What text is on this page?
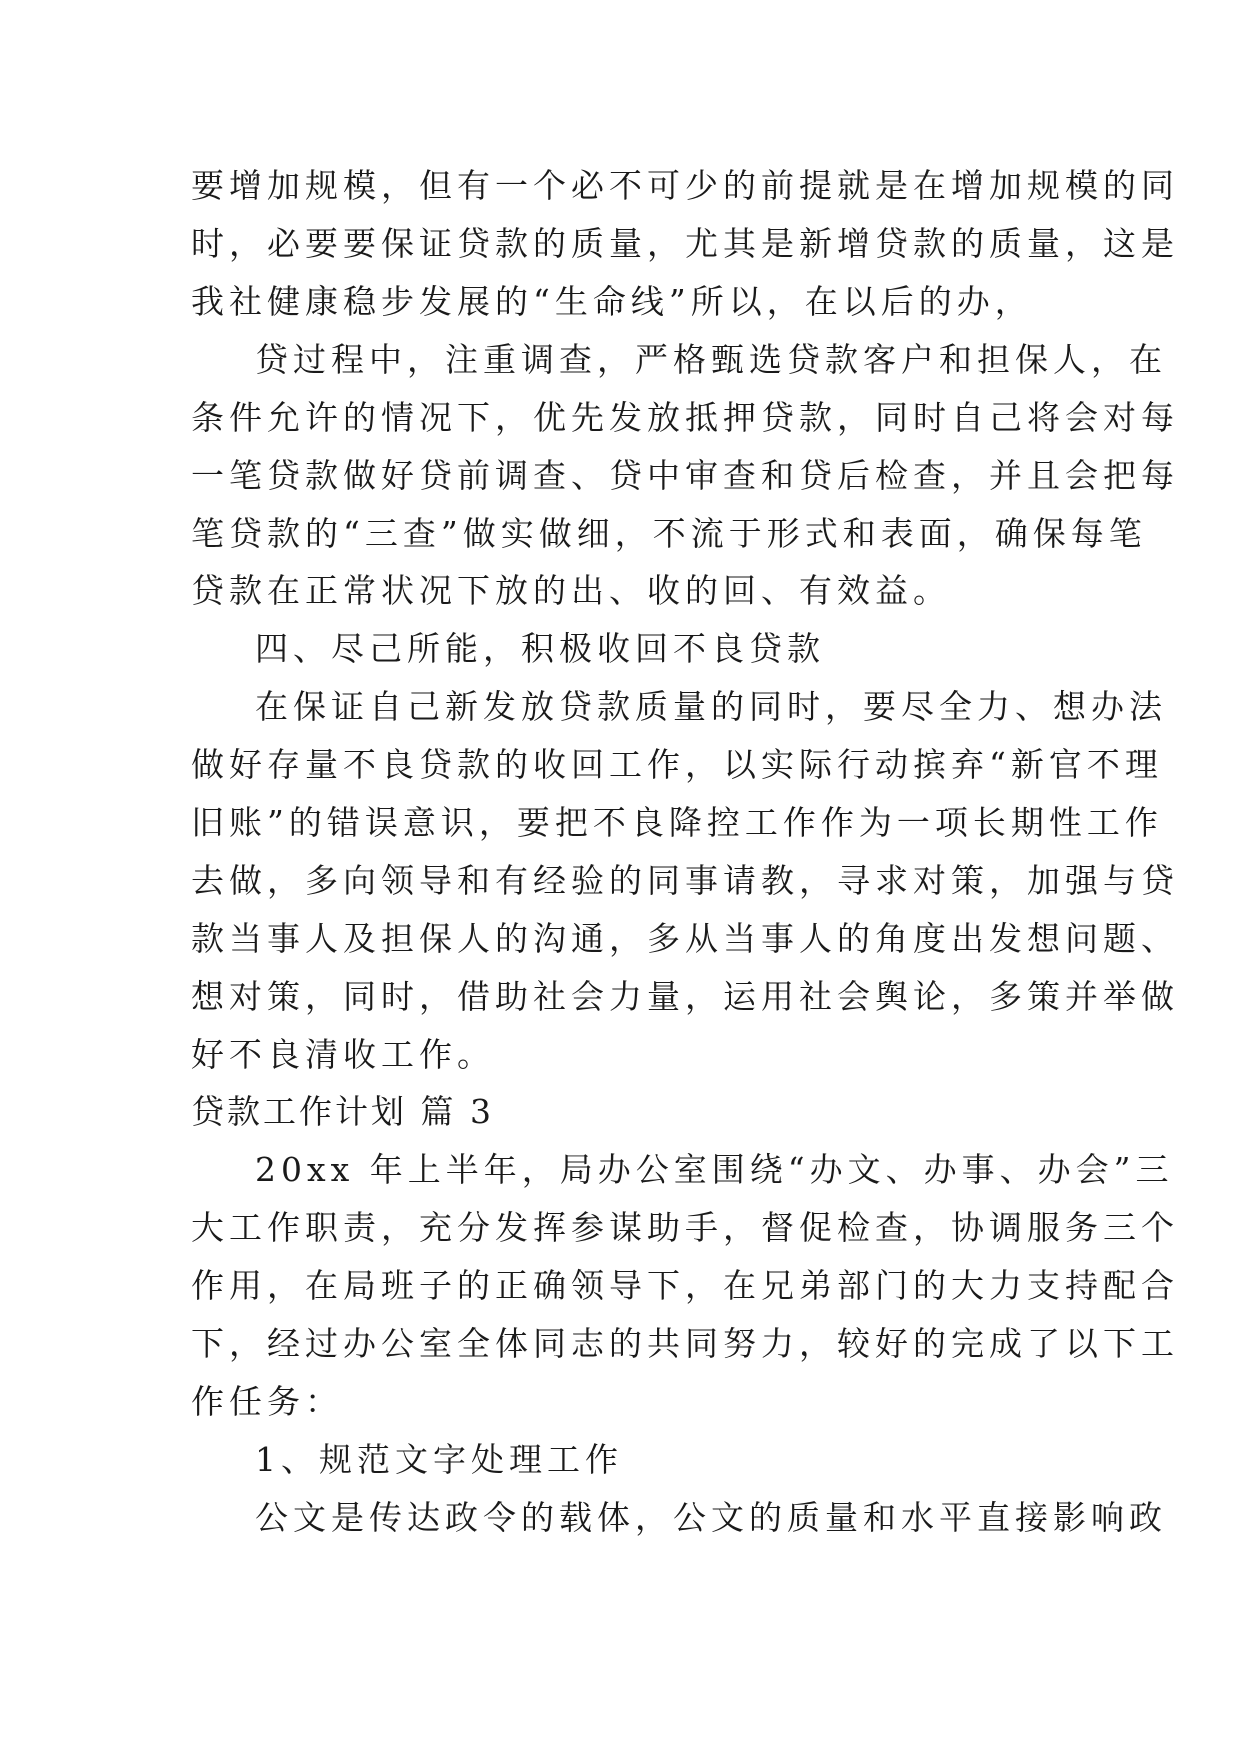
要增加规模，但有一个必不可少的前提就是在增加规模的同
时，必要要保证贷款的质量，尤其是新增贷款的质量，这是
我社健康稳步发展的“生命线”所以，在以后的办，
贷过程中，注重调查，严格甄选贷款客户和担保人，在
条件允许的情况下，优先发放抵押贷款，同时自己将会对每
一笔贷款做好贷前调查、贷中审查和贷后检查，并且会把每
笔贷款的“三查”做实做细，不流于形式和表面，确保每笔
贷款在正常状况下放的出、收的回、有效益。
四、尽己所能，积极收回不良贷款
在保证自己新发放贷款质量的同时，要尽全力、想办法
做好存量不良贷款的收回工作，以实际行动摈弃“新官不理
旧账”的错误意识，要把不良降控工作作为一项长期性工作
去做，多向领导和有经验的同事请教，寻求对策，加强与贷
款当事人及担保人的沟通，多从当事人的角度出发想问题、
想对策，同时，借助社会力量，运用社会舆论，多策并举做
好不良清收工作。
贷款工作计划 篇 3
20xx 年上半年，局办公室围绕“办文、办事、办会”三
大工作职责，充分发挥参谋助手，督促检查，协调服务三个
作用，在局班子的正确领导下，在兄弟部门的大力支持配合
下，经过办公室全体同志的共同努力，较好的完成了以下工
作任务：
1、规范文字处理工作
公文是传达政令的载体，公文的质量和水平直接影响政
